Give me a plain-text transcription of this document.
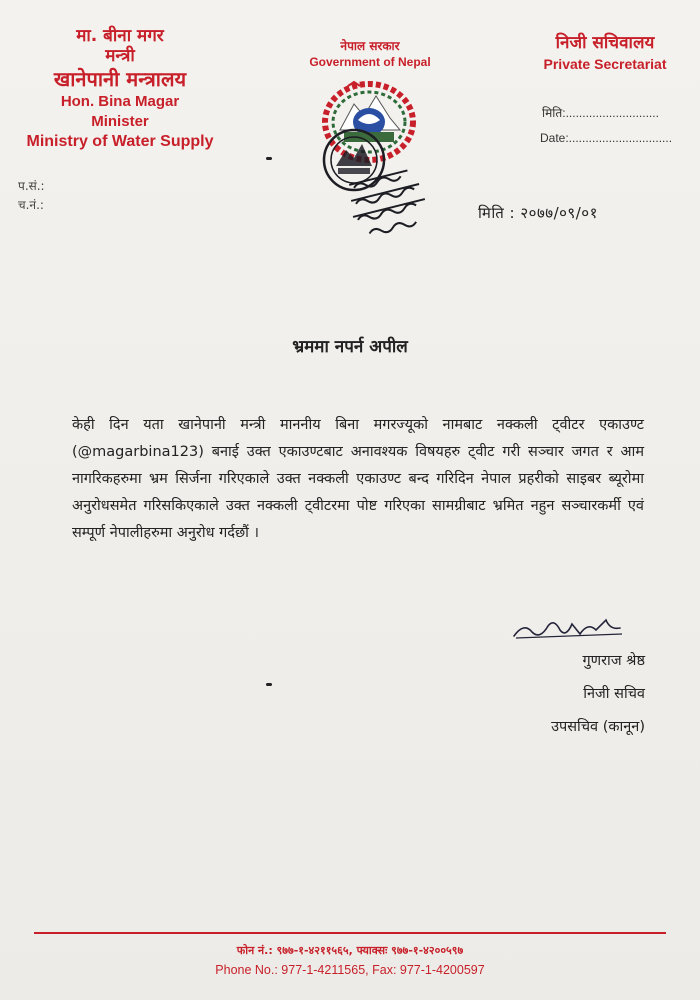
मा. बीना मगर
मन्त्री
खानेपानी मन्त्रालय
Hon. Bina Magar
Minister
Ministry of Water Supply
प.सं.:
च.नं.:
नेपाल सरकार
Government of Nepal
निजी सचिवालय
Private Secretariat
मिति:............................
Date:...............................
मिति : २०७७/०९/०१
भ्रममा नपर्न अपील
केही दिन यता खानेपानी मन्त्री माननीय बिना मगरज्यूको नामबाट नक्कली ट्वीटर एकाउण्ट (@magarbina123) बनाई उक्त एकाउण्टबाट अनावश्यक विषयहरु ट्वीट गरी सञ्चार जगत र आम नागरिकहरुमा भ्रम सिर्जना गरिएकाले उक्त नक्कली एकाउण्ट बन्द गरिदिन नेपाल प्रहरीको साइबर ब्यूरोमा अनुरोधसमेत गरिसकिएकाले उक्त नक्कली ट्वीटरमा पोष्ट गरिएका सामग्रीबाट भ्रमित नहुन सञ्चारकर्मी एवं सम्पूर्ण नेपालीहरुमा अनुरोध गर्दछौं ।
गुणराज श्रेष्ठ
निजी सचिव
उपसचिव (कानून)
फोन नं.: ९७७-१-४२११५६५, फ्याक्सः ९७७-१-४२००५९७
Phone No.: 977-1-4211565, Fax: 977-1-4200597
